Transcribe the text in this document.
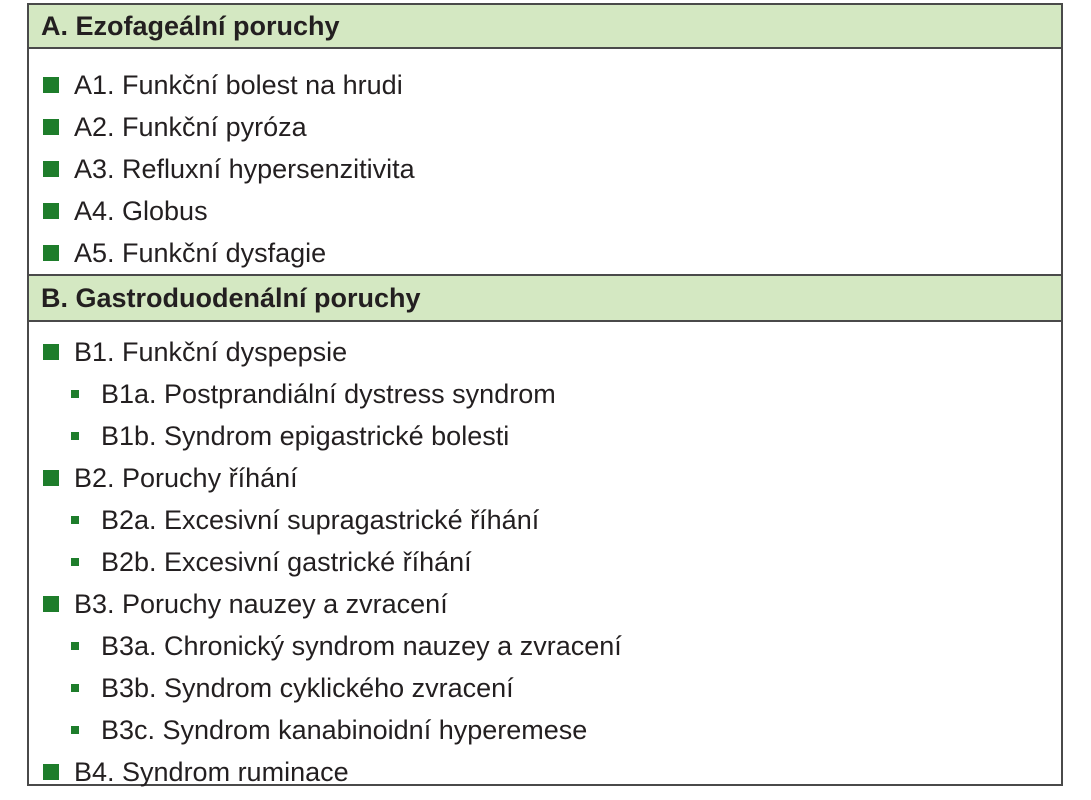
A. Ezofageální poruchy
A1. Funkční bolest na hrudi
A2. Funkční pyróza
A3. Refluxní hypersenzitivita
A4. Globus
A5. Funkční dysfagie
B. Gastroduodenální poruchy
B1. Funkční dyspepsie
B1a. Postprandiální dystress syndrom
B1b. Syndrom epigastrické bolesti
B2. Poruchy říhání
B2a. Excesivní supragastrické říhání
B2b. Excesivní gastrické říhání
B3. Poruchy nauzey a zvracení
B3a. Chronický syndrom nauzey a zvracení
B3b. Syndrom cyklického zvracení
B3c. Syndrom kanabinoidní hyperemese
B4. Syndrom ruminace
